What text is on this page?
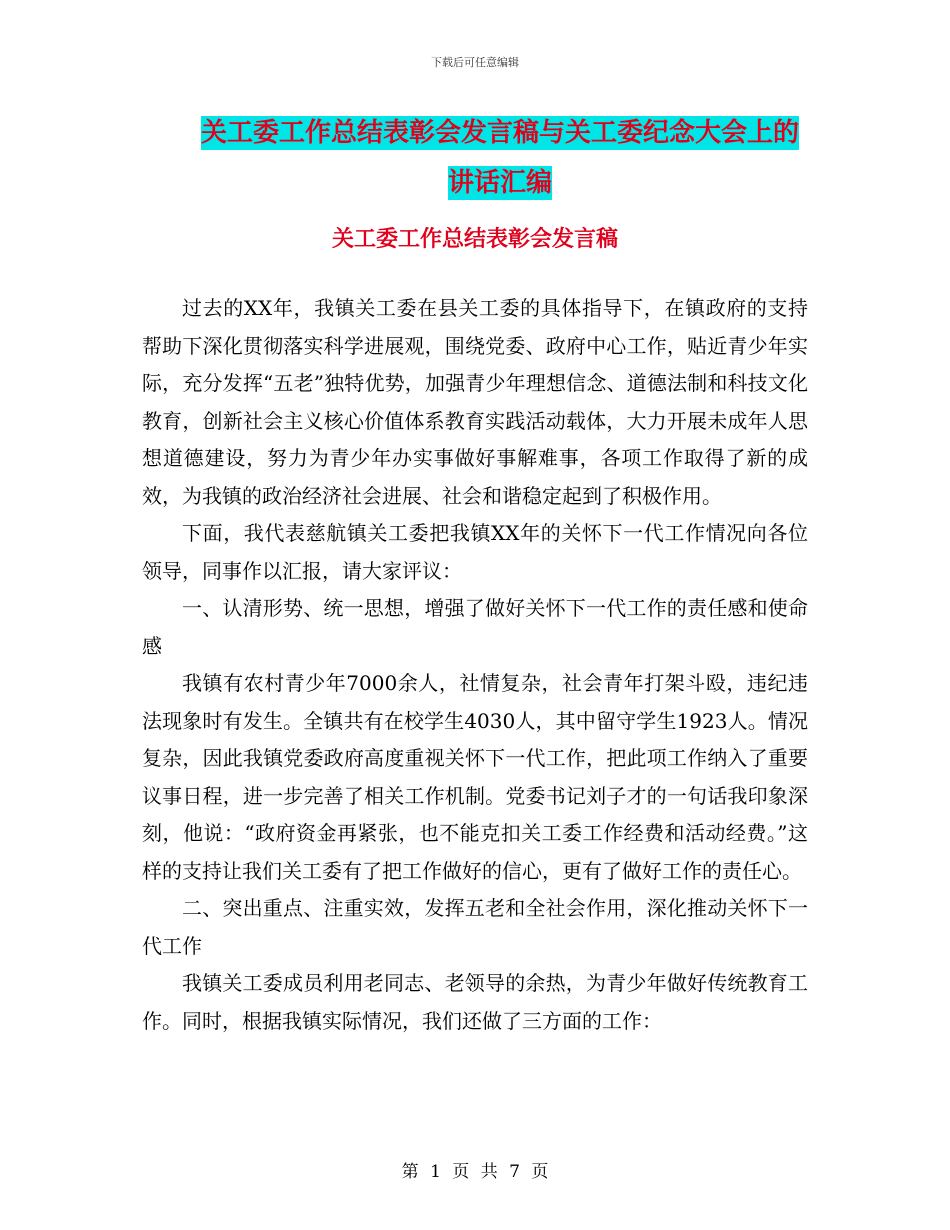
下载后可任意编辑
关工委工作总结表彰会发言稿与关工委纪念大会上的
讲话汇编
关工委工作总结表彰会发言稿

过去的XX年，我镇关工委在县关工委的具体指导下，在镇政府的支持帮助下深化贯彻落实科学进展观，围绕党委、政府中心工作，贴近青少年实际，充分发挥“五老”独特优势，加强青少年理想信念、道德法制和科技文化教育，创新社会主义核心价值体系教育实践活动载体，大力开展未成年人思想道德建设，努力为青少年办实事做好事解难事，各项工作取得了新的成效，为我镇的政治经济社会进展、社会和谐稳定起到了积极作用。

下面，我代表慈航镇关工委把我镇XX年的关怀下一代工作情况向各位领导，同事作以汇报，请大家评议：

一、认清形势、统一思想，增强了做好关怀下一代工作的责任感和使命感

我镇有农村青少年7000余人，社情复杂，社会青年打架斗殴，违纪违法现象时有发生。全镇共有在校学生4030人，其中留守学生1923人。情况复杂，因此我镇党委政府高度重视关怀下一代工作，把此项工作纳入了重要议事日程，进一步完善了相关工作机制。党委书记刘子才的一句话我印象深刻，他说：“政府资金再紧张，也不能克扣关工委工作经费和活动经费。”这样的支持让我们关工委有了把工作做好的信心，更有了做好工作的责任心。

二、突出重点、注重实效，发挥五老和全社会作用，深化推动关怀下一代工作

我镇关工委成员利用老同志、老领导的余热，为青少年做好传统教育工作。同时，根据我镇实际情况，我们还做了三方面的工作：

第 1 页 共 7 页
